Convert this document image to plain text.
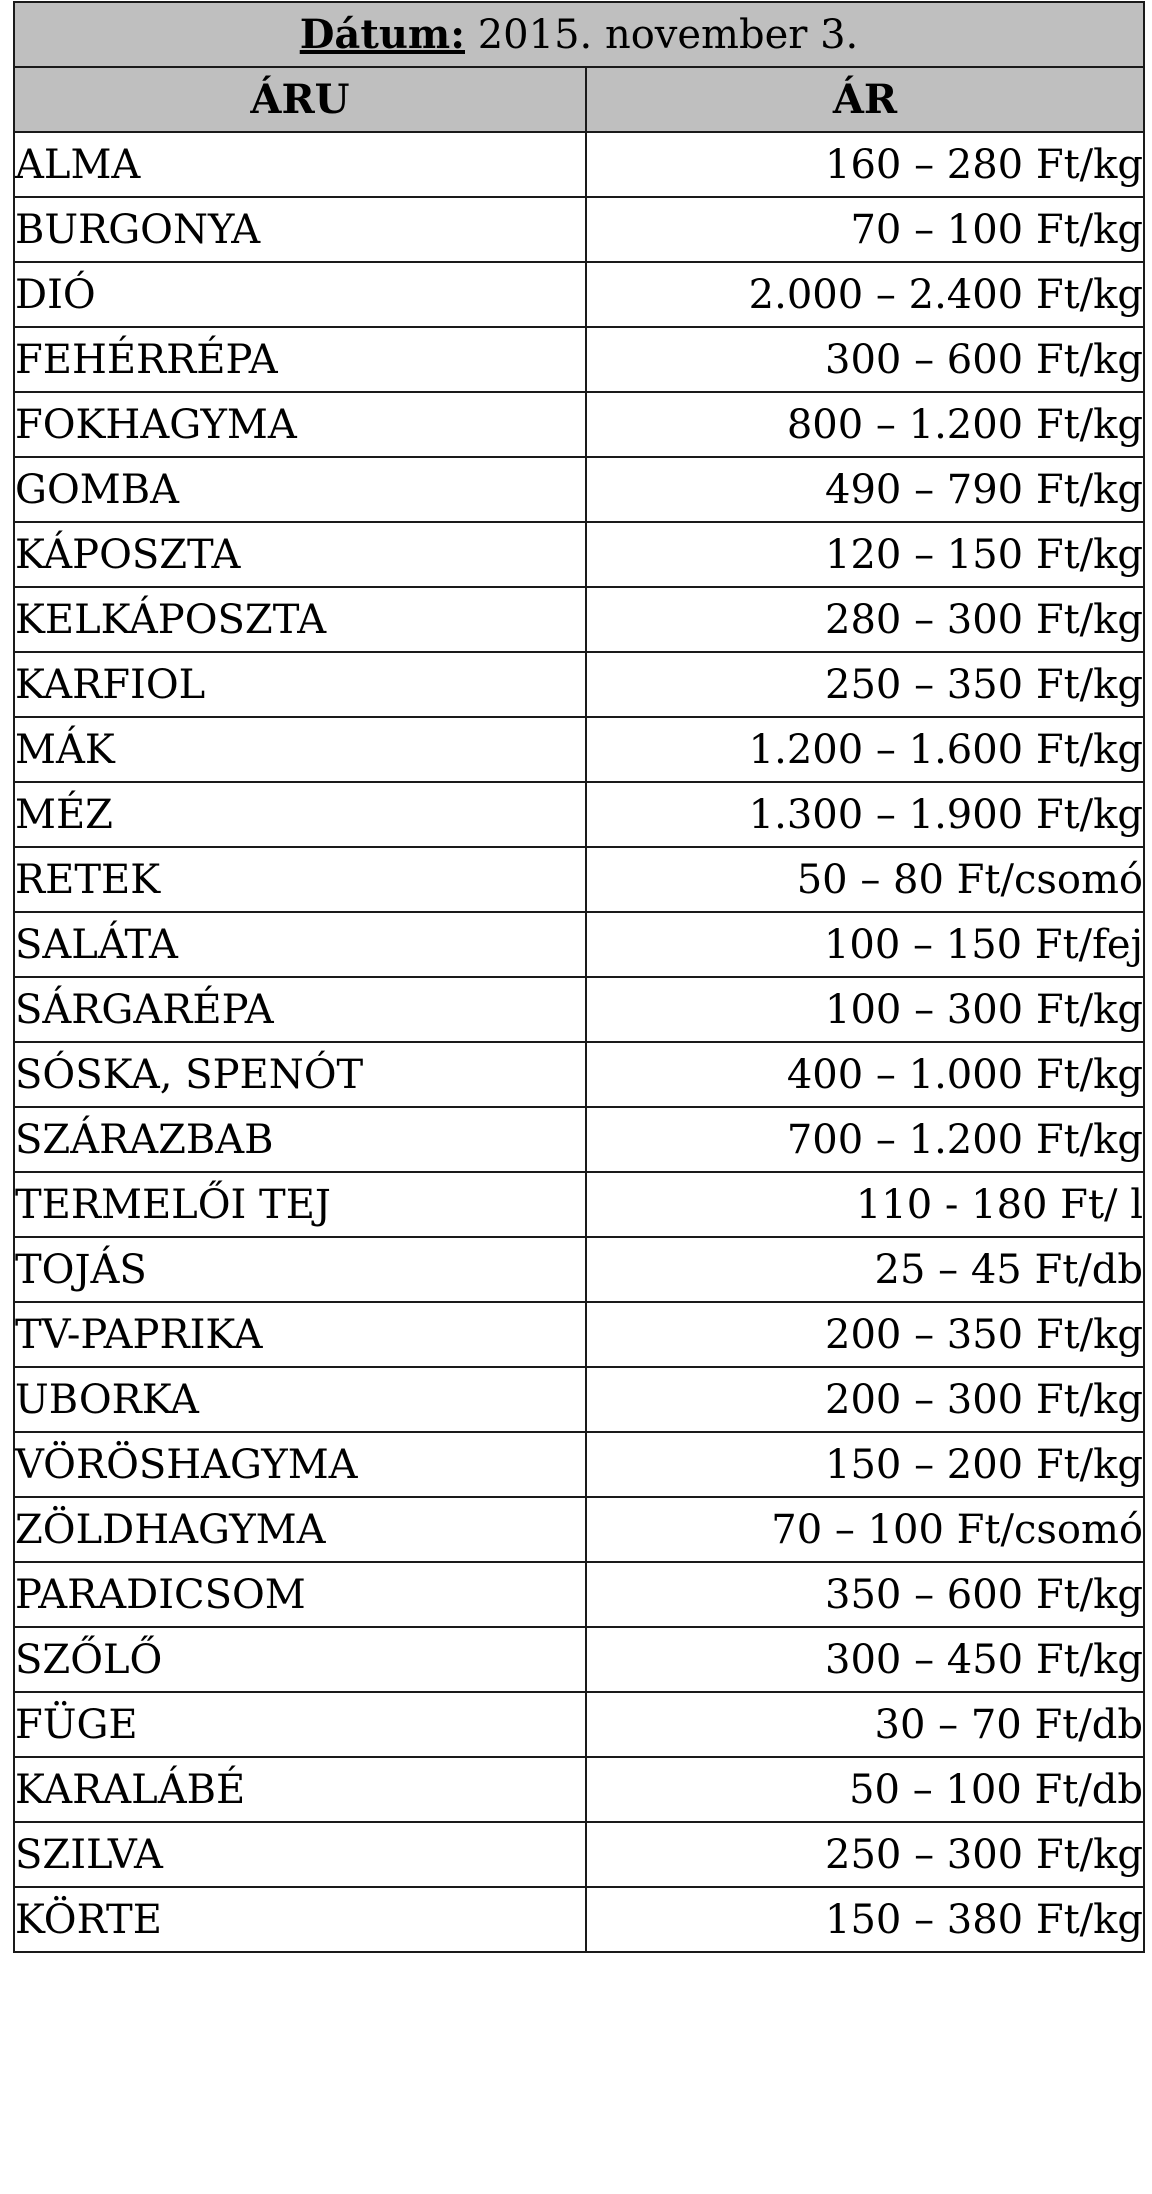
Dátum: 2015. november 3.	
ÁRU	ÁR
ALMA	160 – 280 Ft/kg
BURGONYA	70 – 100 Ft/kg
DIÓ	2.000 – 2.400 Ft/kg
FEHÉRRÉPA	300 – 600 Ft/kg
FOKHAGYMA	800 – 1.200 Ft/kg
GOMBA	490 – 790 Ft/kg
KÁPOSZTA	120 – 150 Ft/kg
KELKÁPOSZTA	280 – 300 Ft/kg
KARFIOL	250 – 350 Ft/kg
MÁK	1.200 – 1.600 Ft/kg
MÉZ	1.300 – 1.900 Ft/kg
RETEK	50 – 80 Ft/csomó
SALÁTA	100 – 150 Ft/fej
SÁRGARÉPA	100 – 300 Ft/kg
SÓSKA, SPENÓT	400 – 1.000 Ft/kg
SZÁRAZBAB	700 – 1.200 Ft/kg
TERMELŐI TEJ	110 - 180 Ft/ l
TOJÁS	25 – 45 Ft/db
TV-PAPRIKA	200 – 350 Ft/kg
UBORKA	200 – 300 Ft/kg
VÖRÖSHAGYMA	150 – 200 Ft/kg
ZÖLDHAGYMA	70 – 100 Ft/csomó
PARADICSOM	350 – 600 Ft/kg
SZŐLŐ	300 – 450 Ft/kg
FÜGE	30 – 70 Ft/db
KARALÁBÉ	50 – 100 Ft/db
SZILVA	250 – 300 Ft/kg
KÖRTE	150 – 380 Ft/kg
